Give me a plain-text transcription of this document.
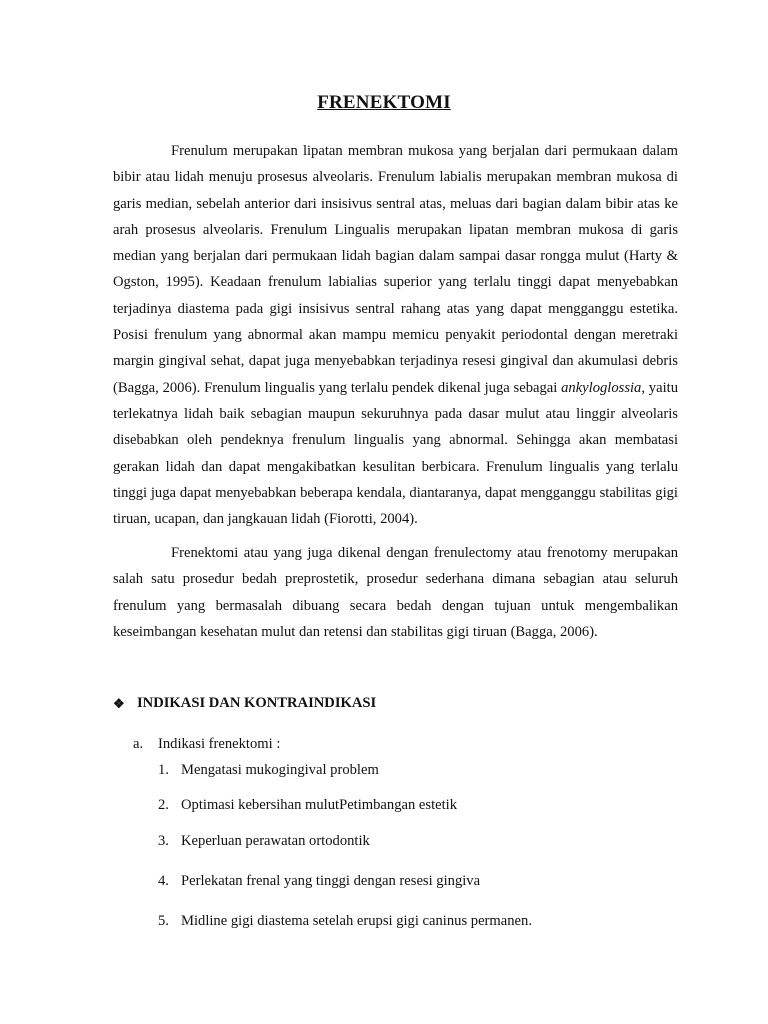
FRENEKTOMI

Frenulum merupakan lipatan membran mukosa yang berjalan dari permukaan dalam bibir atau lidah menuju prosesus alveolaris. Frenulum labialis merupakan membran mukosa di garis median, sebelah anterior dari insisivus sentral atas, meluas dari bagian dalam bibir atas ke arah prosesus alveolaris. Frenulum Lingualis merupakan lipatan membran mukosa di garis median yang berjalan dari permukaan lidah bagian dalam sampai dasar rongga mulut (Harty & Ogston, 1995). Keadaan frenulum labialias superior yang terlalu tinggi dapat menyebabkan terjadinya diastema pada gigi insisivus sentral rahang atas yang dapat mengganggu estetika. Posisi frenulum yang abnormal akan mampu memicu penyakit periodontal dengan meretraki margin gingival sehat, dapat juga menyebabkan terjadinya resesi gingival dan akumulasi debris (Bagga, 2006). Frenulum lingualis yang terlalu pendek dikenal juga sebagai ankyloglossia, yaitu terlekatnya lidah baik sebagian maupun sekuruhnya pada dasar mulut atau linggir alveolaris disebabkan oleh pendeknya frenulum lingualis yang abnormal. Sehingga akan membatasi gerakan lidah dan dapat mengakibatkan kesulitan berbicara. Frenulum lingualis yang terlalu tinggi juga dapat menyebabkan beberapa kendala, diantaranya, dapat mengganggu stabilitas gigi tiruan, ucapan, dan jangkauan lidah (Fiorotti, 2004).

Frenektomi atau yang juga dikenal dengan frenulectomy atau frenotomy merupakan salah satu prosedur bedah preprostetik, prosedur sederhana dimana sebagian atau seluruh frenulum yang bermasalah dibuang secara bedah dengan tujuan untuk mengembalikan keseimbangan kesehatan mulut dan retensi dan stabilitas gigi tiruan (Bagga, 2006).

❖ INDIKASI DAN KONTRAINDIKASI
a. Indikasi frenektomi :
1. Mengatasi mukogingival problem
2. Optimasi kebersihan mulutPetimbangan estetik
3. Keperluan perawatan ortodontik
4. Perlekatan frenal yang tinggi dengan resesi gingiva
5. Midline gigi diastema setelah erupsi gigi caninus permanen.
